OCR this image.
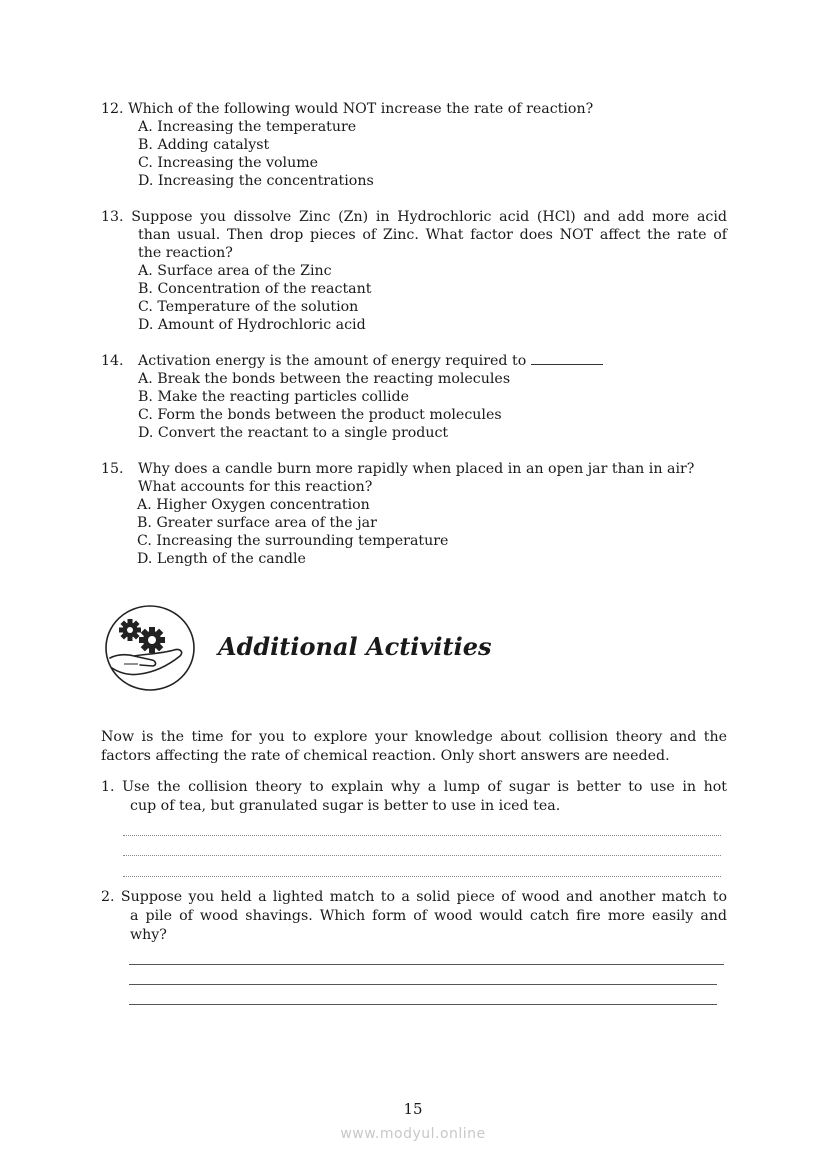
12. Which of the following would NOT increase the rate of reaction?
A. Increasing the temperature
B. Adding catalyst
C. Increasing the volume
D. Increasing the concentrations
13. Suppose you dissolve Zinc (Zn) in Hydrochloric acid (HCl) and add more acid
than usual. Then drop pieces of Zinc. What factor does NOT affect the rate of
the reaction?
A. Surface area of the Zinc
B. Concentration of the reactant
C. Temperature of the solution
D. Amount of Hydrochloric acid
14. Activation energy is the amount of energy required to
A. Break the bonds between the reacting molecules
B. Make the reacting particles collide
C. Form the bonds between the product molecules
D. Convert the reactant to a single product
15. Why does a candle burn more rapidly when placed in an open jar than in air?
What accounts for this reaction?
A. Higher Oxygen concentration
B. Greater surface area of the jar
C. Increasing the surrounding temperature
D. Length of the candle
Additional Activities
Now is the time for you to explore your knowledge about collision theory and the
factors affecting the rate of chemical reaction. Only short answers are needed.
1. Use the collision theory to explain why a lump of sugar is better to use in hot
cup of tea, but granulated sugar is better to use in iced tea.
2. Suppose you held a lighted match to a solid piece of wood and another match to
a pile of wood shavings. Which form of wood would catch fire more easily and
why?
15
www.modyul.online
